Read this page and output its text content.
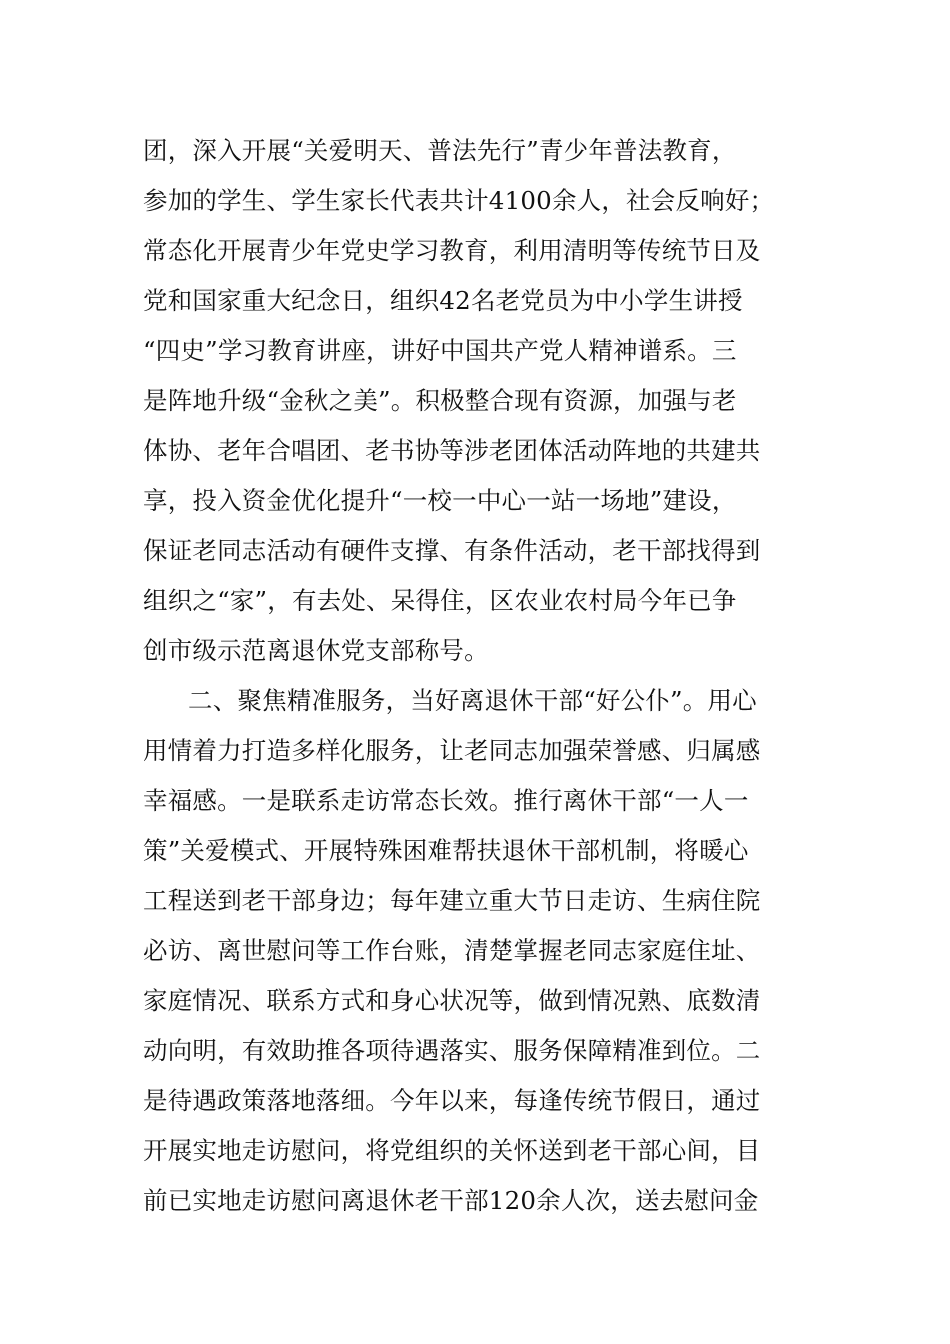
团，深入开展“关爱明天、普法先行”青少年普法教育，
参加的学生、学生家长代表共计4100余人，社会反响好；
常态化开展青少年党史学习教育，利用清明等传统节日及
党和国家重大纪念日，组织42名老党员为中小学生讲授
“四史”学习教育讲座，讲好中国共产党人精神谱系。三
是阵地升级“金秋之美”。积极整合现有资源，加强与老
体协、老年合唱团、老书协等涉老团体活动阵地的共建共
享，投入资金优化提升“一校一中心一站一场地”建设，
保证老同志活动有硬件支撑、有条件活动，老干部找得到
组织之“家”，有去处、呆得住，区农业农村局今年已争
创市级示范离退休党支部称号。
二、聚焦精准服务，当好离退休干部“好公仆”。用心
用情着力打造多样化服务，让老同志加强荣誉感、归属感
幸福感。一是联系走访常态长效。推行离休干部“一人一
策”关爱模式、开展特殊困难帮扶退休干部机制，将暖心
工程送到老干部身边；每年建立重大节日走访、生病住院
必访、离世慰问等工作台账，清楚掌握老同志家庭住址、
家庭情况、联系方式和身心状况等，做到情况熟、底数清
动向明，有效助推各项待遇落实、服务保障精准到位。二
是待遇政策落地落细。今年以来，每逢传统节假日，通过
开展实地走访慰问，将党组织的关怀送到老干部心间，目
前已实地走访慰问离退休老干部120余人次，送去慰问金
